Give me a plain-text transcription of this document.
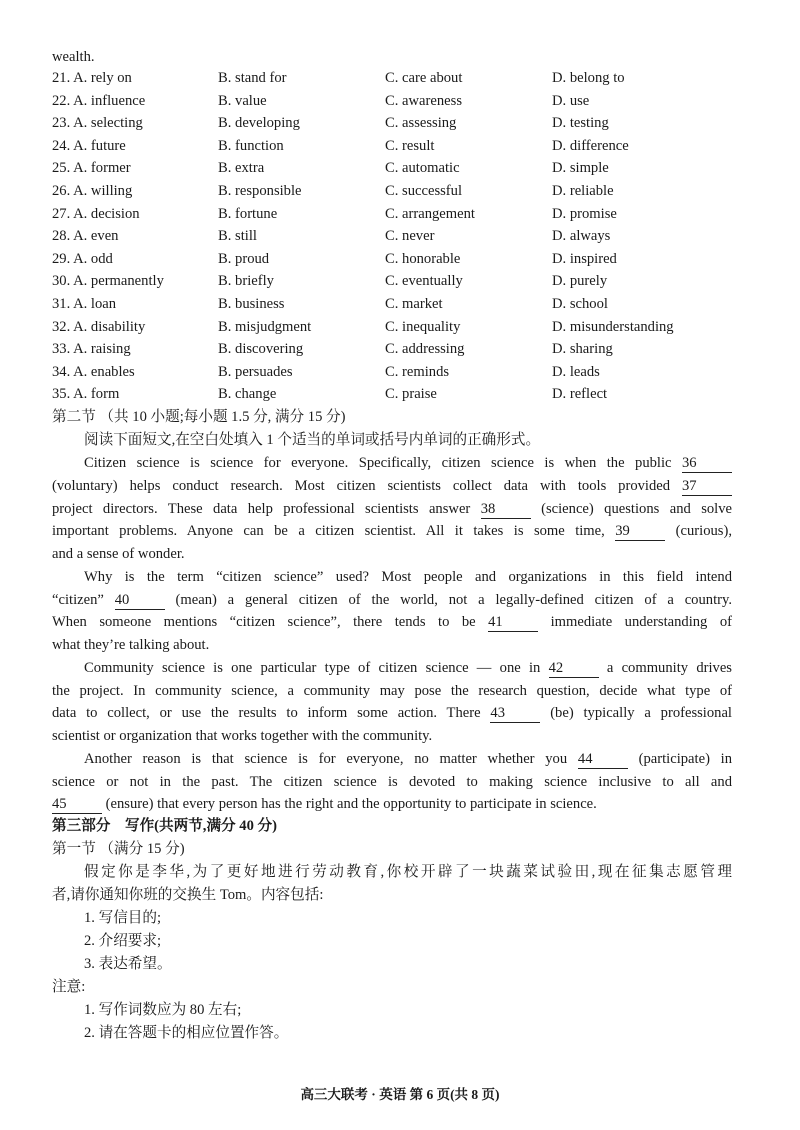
wealth.
21. A. rely on	B. stand for	C. care about	D. belong to
22. A. influence	B. value	C. awareness	D. use
23. A. selecting	B. developing	C. assessing	D. testing
24. A. future	B. function	C. result	D. difference
25. A. former	B. extra	C. automatic	D. simple
26. A. willing	B. responsible	C. successful	D. reliable
27. A. decision	B. fortune	C. arrangement	D. promise
28. A. even	B. still	C. never	D. always
29. A. odd	B. proud	C. honorable	D. inspired
30. A. permanently	B. briefly	C. eventually	D. purely
31. A. loan	B. business	C. market	D. school
32. A. disability	B. misjudgment	C. inequality	D. misunderstanding
33. A. raising	B. discovering	C. addressing	D. sharing
34. A. enables	B. persuades	C. reminds	D. leads
35. A. form	B. change	C. praise	D. reflect
第二节 （共 10 小题;每小题 1.5 分, 满分 15 分)
阅读下面短文,在空白处填入 1 个适当的单词或括号内单词的正确形式。
Citizen science is science for everyone. Specifically, citizen science is when the public 36
(voluntary) helps conduct research. Most citizen scientists collect data with tools provided 37
project directors. These data help professional scientists answer 38 (science) questions and solve
important problems. Anyone can be a citizen scientist. All it takes is some time, 39 (curious),
and a sense of wonder.
Why is the term “citizen science” used? Most people and organizations in this field intend
“citizen” 40 (mean) a general citizen of the world, not a legally-defined citizen of a country.
When someone mentions “citizen science”, there tends to be 41 immediate understanding of
what they’re talking about.
Community science is one particular type of citizen science — one in 42 a community drives
the project. In community science, a community may pose the research question, decide what type of
data to collect, or use the results to inform some action. There 43 (be) typically a professional
scientist or organization that works together with the community.
Another reason is that science is for everyone, no matter whether you 44 (participate) in
science or not in the past. The citizen science is devoted to making science inclusive to all and
45 (ensure) that every person has the right and the opportunity to participate in science.
第三部分　写作(共两节,满分 40 分)
第一节 （满分 15 分)
假定你是李华,为了更好地进行劳动教育,你校开辟了一块蔬菜试验田,现在征集志愿管理
者,请你通知你班的交换生 Tom。内容包括:
1. 写信目的;
2. 介绍要求;
3. 表达希望。
注意:
1. 写作词数应为 80 左右;
2. 请在答题卡的相应位置作答。
高三大联考 · 英语 第 6 页(共 8 页)
